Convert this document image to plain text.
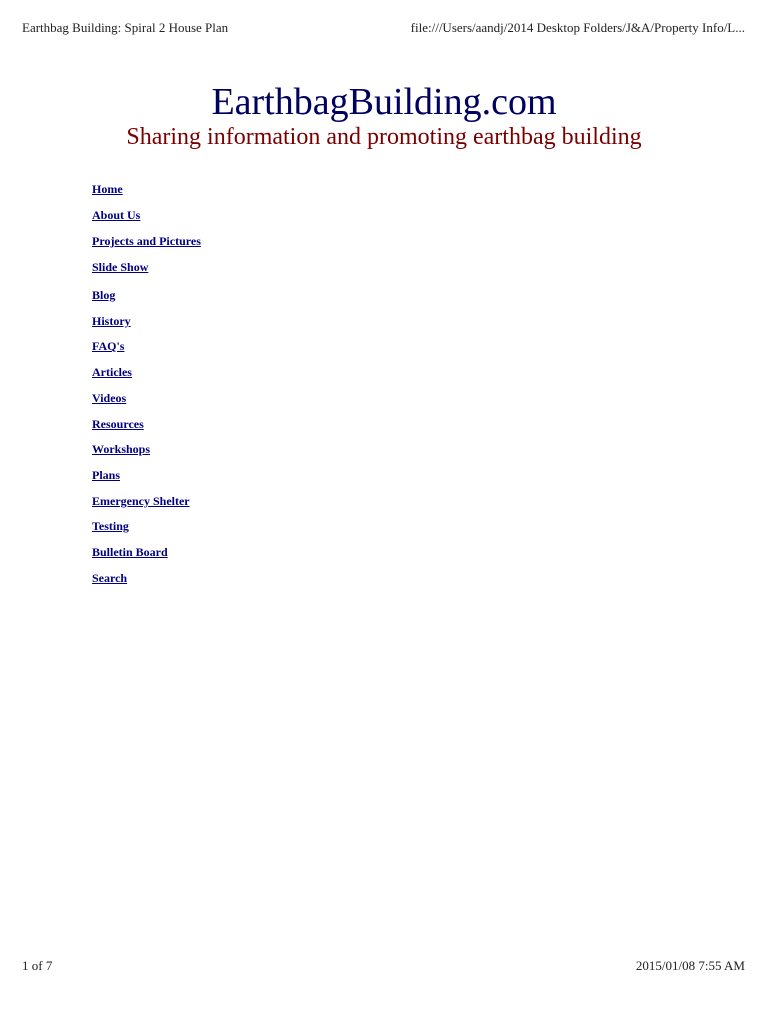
Earthbag Building: Spiral 2 House Plan	file:///Users/aandj/2014 Desktop Folders/J&A/Property Info/L...
EarthbagBuilding.com
Sharing information and promoting earthbag building
Home
About Us
Projects and Pictures
Slide Show
Blog
History
FAQ's
Articles
Videos
Resources
Workshops
Plans
Emergency Shelter
Testing
Bulletin Board
Search
1 of 7	2015/01/08 7:55 AM
